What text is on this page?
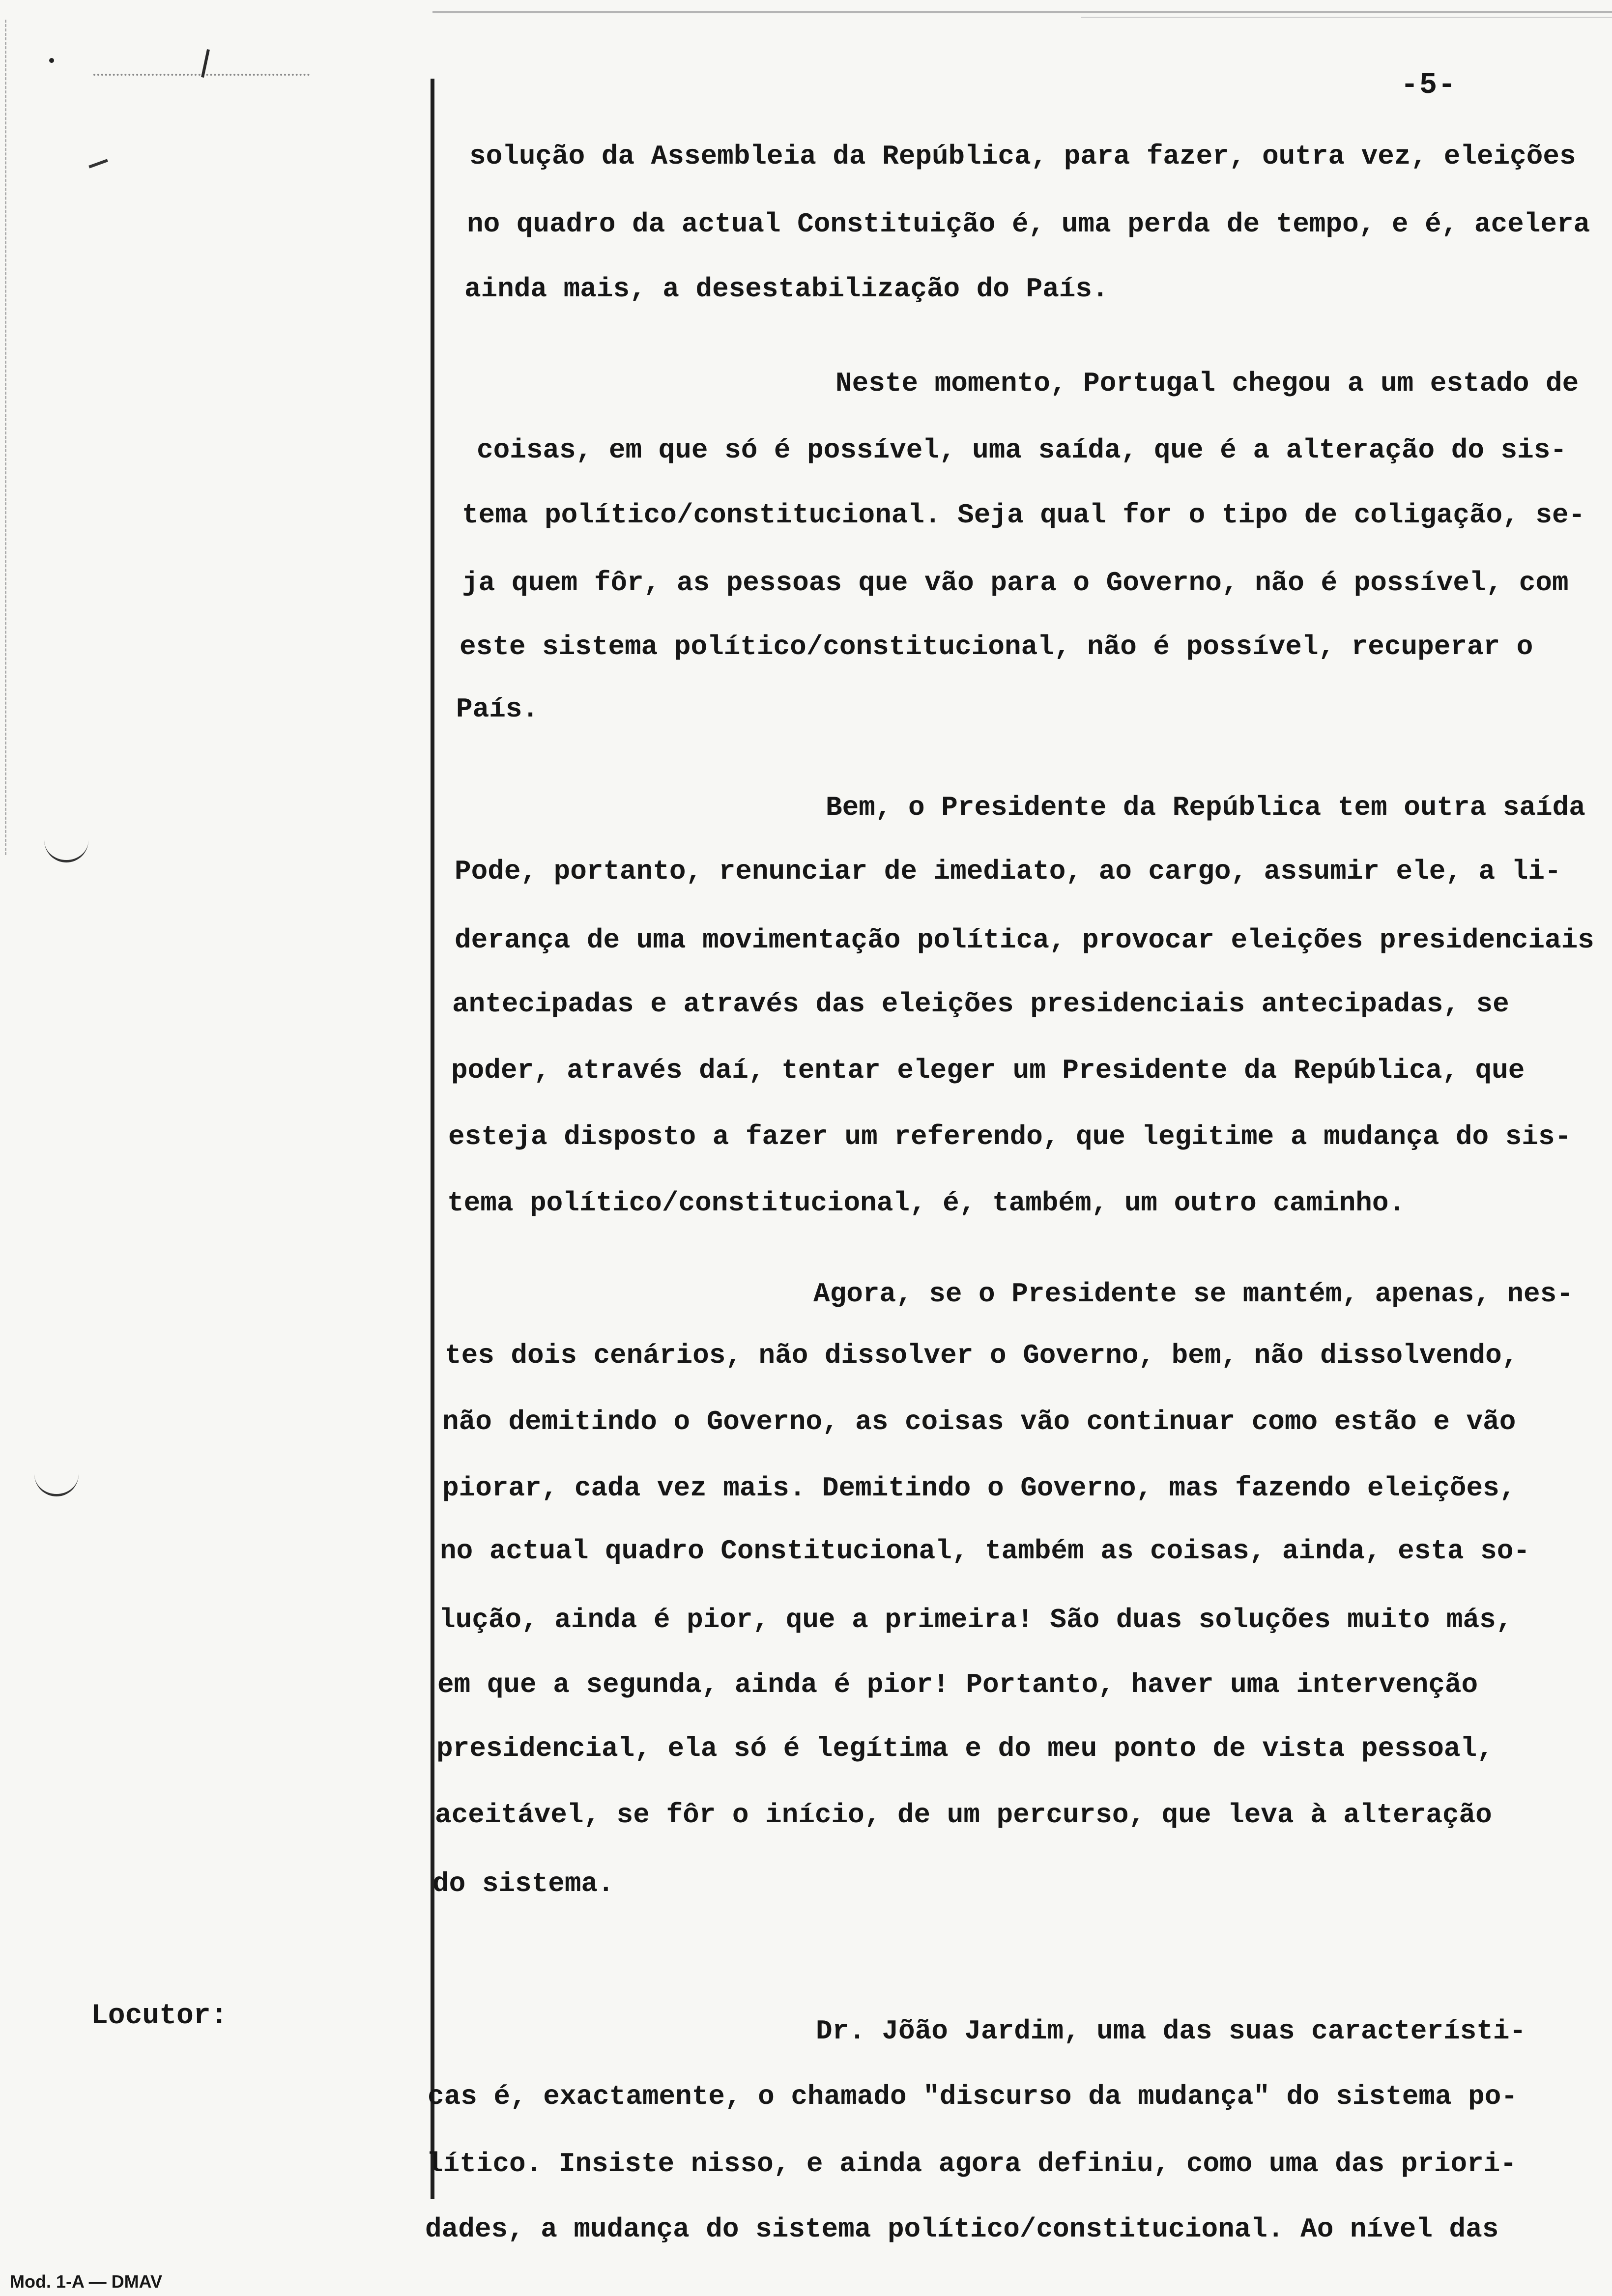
-5-

solução da Assembleia da República, para fazer, outra vez, eleições

no quadro da actual Constituição é, uma perda de tempo, e é, acelera

ainda mais, a desestabilização do País.

Neste momento, Portugal chegou a um estado de

coisas, em que só é possível, uma saída, que é a alteração do sis-

tema político/constitucional. Seja qual for o tipo de coligação, se-

ja quem fôr, as pessoas que vão para o Governo, não é possível, com

este sistema político/constitucional, não é possível, recuperar o

País.

Bem, o Presidente da República tem outra saída

Pode, portanto, renunciar de imediato, ao cargo, assumir ele, a li-

derança de uma movimentação política, provocar eleições presidenciais

antecipadas e através das eleições presidenciais antecipadas, se

poder, através daí, tentar eleger um Presidente da República, que

esteja disposto a fazer um referendo, que legitime a mudança do sis-

tema político/constitucional, é, também, um outro caminho.

Agora, se o Presidente se mantém, apenas, nes-

tes dois cenários, não dissolver o Governo, bem, não dissolvendo,

não demitindo o Governo, as coisas vão continuar como estão e vão

piorar, cada vez mais. Demitindo o Governo, mas fazendo eleições,

no actual quadro Constitucional, também as coisas, ainda, esta so-

lução, ainda é pior, que a primeira! São duas soluções muito más,

em que a segunda, ainda é pior! Portanto, haver uma intervenção

presidencial, ela só é legítima e do meu ponto de vista pessoal,

aceitável, se fôr o início, de um percurso, que leva à alteração

do sistema.

Dr. Jõão Jardim, uma das suas característi-

cas é, exactamente, o chamado "discurso da mudança" do sistema po-

lítico. Insiste nisso, e ainda agora definiu, como uma das priori-

dades, a mudança do sistema político/constitucional. Ao nível das

Locutor:

Mod. 1-A — DMAV
